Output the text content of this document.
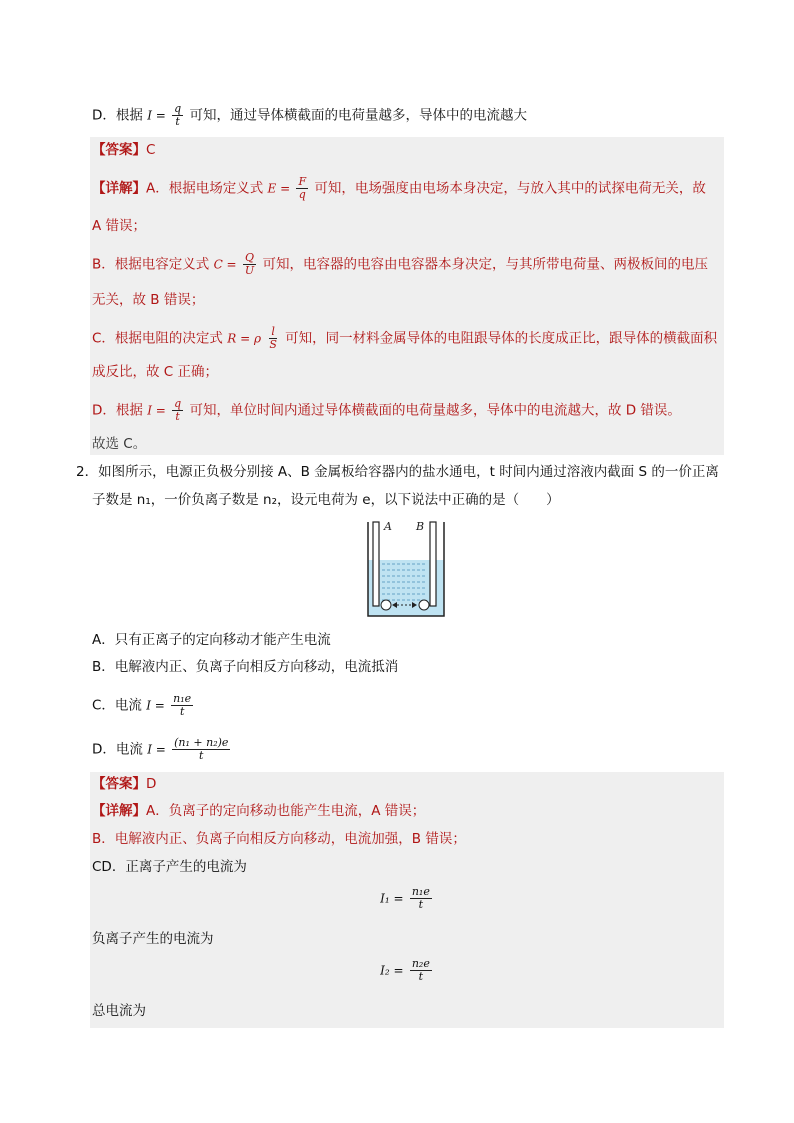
D．根据 $I = \frac{q}{t}$ 可知，通过导体横截面的电荷量越多，导体中的电流越大
【答案】C
【详解】A．根据电场定义式 $E = \frac{F}{q}$ 可知，电场强度由电场本身决定，与放入其中的试探电荷无关，故
A 错误；
B．根据电容定义式 $C = \frac{Q}{U}$ 可知，电容器的电容由电容器本身决定，与其所带电荷量、两极板间的电压
无关，故 B 错误；
C．根据电阻的决定式 R = ρ $\frac{l}{S}$ 可知，同一材料金属导体的电阻跟导体的长度成正比，跟导体的横截面积
成反比，故 C 正确；
D．根据 $I = \frac{q}{t}$ 可知，单位时间内通过导体横截面的电荷量越多，导体中的电流越大，故 D 错误。
故选 C。
2．如图所示，电源正负极分别接 A、B 金属板给容器内的盐水通电，t 时间内通过溶液内截面 S 的一价正离
子数是 n₁，一价负离子数是 n₂，设元电荷为 e，以下说法中正确的是（　　）
A B
A．只有正离子的定向移动才能产生电流
B．电解液内正、负离子向相反方向移动，电流抵消
C．电流 $I = \frac{\text{n₁e}}{t}$
D．电流 $I = \frac{\text{(n₁ + n₂)e}}{t}$
【答案】D
【详解】A．负离子的定向移动也能产生电流，A 错误；
B．电解液内正、负离子向相反方向移动，电流加强，B 错误；
CD．正离子产生的电流为
$I_1 = \frac{\text{n₁e}}{t}$
负离子产生的电流为
$I_2 = \frac{\text{n₂e}}{t}$
总电流为
